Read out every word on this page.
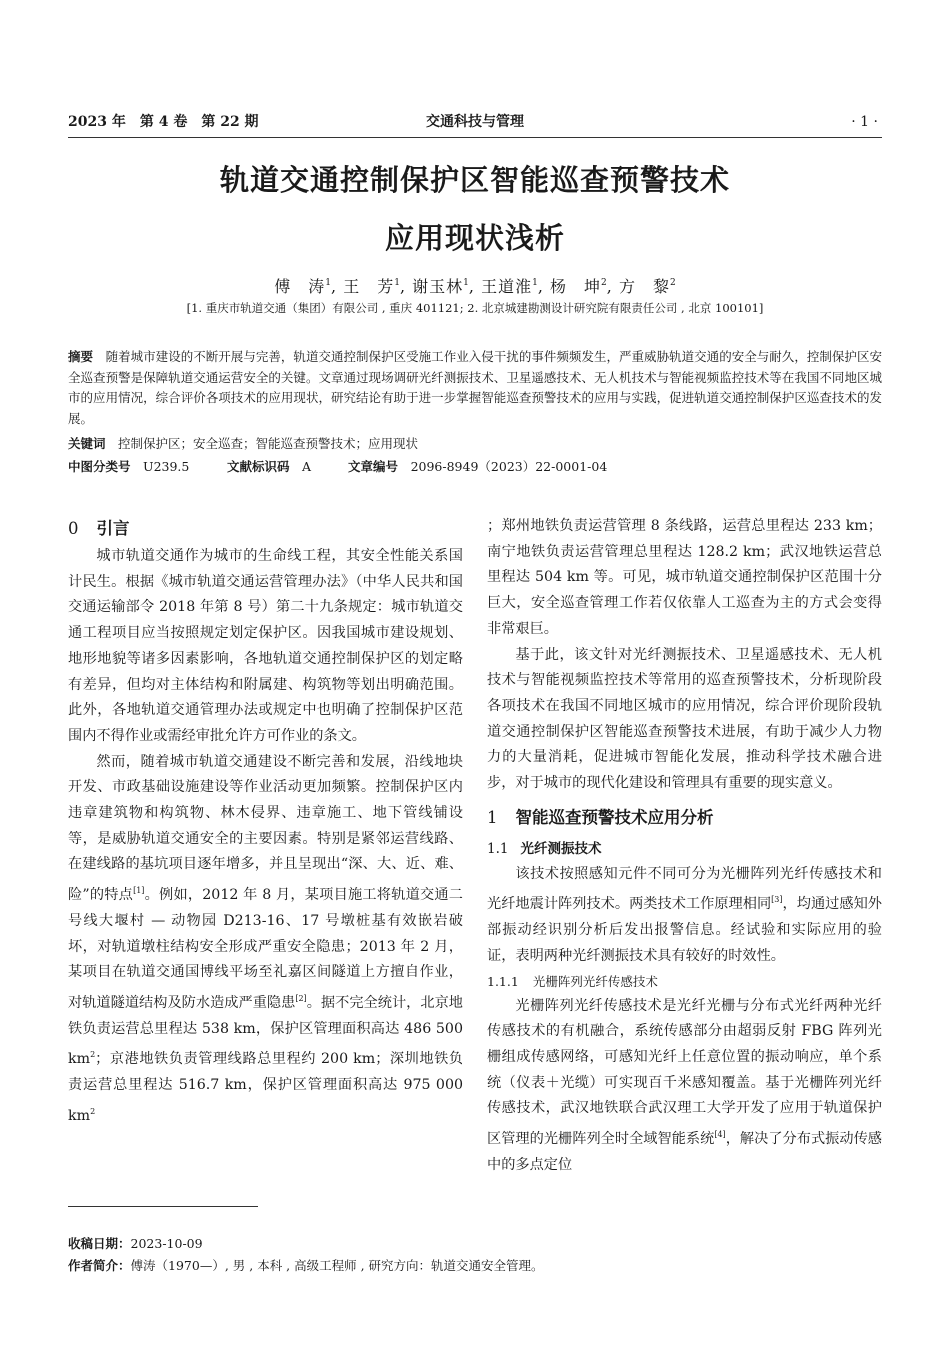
2023 年　第 4 卷　第 22 期	交通科技与管理	· 1 ·
轨道交通控制保护区智能巡查预警技术
应用现状浅析
傅　涛$^1$, 王　芳$^1$, 谢玉林$^1$, 王道淮$^1$, 杨　坤$^2$, 方　黎$^2$
[1. 重庆市轨道交通（集团）有限公司 , 重庆 401121; 2. 北京城建勘测设计研究院有限责任公司 , 北京 100101]
摘要　 随着城市建设的不断开展与完善，轨道交通控制保护区受施工作业入侵干扰的事件频频发生，严重威胁轨道交通的安全与耐久，控制保护区安全巡查预警是保障轨道交通运营安全的关键。文章通过现场调研光纤测振技术、卫星遥感技术、无人机技术与智能视频监控技术等在我国不同地区城市的应用情况，综合评价各项技术的应用现状，研究结论有助于进一步掌握智能巡查预警技术的应用与实践，促进轨道交通控制保护区巡查技术的发展。
关键词　 控制保护区；安全巡查；智能巡查预警技术；应用现状
中图分类号　 U239.5	文献标识码　 A	文章编号　 2096-8949（2023）22-0001-04

0 引言

城市轨道交通作为城市的生命线工程，其安全性能关系国计民生。根据《城市轨道交通运营管理办法》（中华人民共和国交通运输部令 2018 年第 8 号）第二十九条规定：城市轨道交通工程项目应当按照规定划定保护区。因我国城市建设规划、地形地貌等诸多因素影响，各地轨道交通控制保护区的划定略有差异，但均对主体结构和附属建、构筑物等划出明确范围。此外，各地轨道交通管理办法或规定中也明确了控制保护区范围内不得作业或需经审批允许方可作业的条文。

然而，随着城市轨道交通建设不断完善和发展，沿线地块开发、市政基础设施建设等作业活动更加频繁。控制保护区内违章建筑物和构筑物、林木侵界、违章施工、地下管线铺设等，是威胁轨道交通安全的主要因素。特别是紧邻运营线路、在建线路的基坑项目逐年增多，并且呈现出“深、大、近、难、险”的特点[1]。例如，2012 年 8 月，某项目施工将轨道交通二号线大堰村 — 动物园 D213-16、17 号墩桩基有效嵌岩破坏，对轨道墩柱结构安全形成严重安全隐患；2013 年 2 月，某项目在轨道交通国博线平场至礼嘉区间隧道上方擅自作业，对轨道隧道结构及防水造成严重隐患[2]。据不完全统计，北京地铁负责运营总里程达 538 km，保护区管理面积高达 486 500 $km^2$；京港地铁负责管理线路总里程约 200 km；深圳地铁负责运营总里程达 516.7 km，保护区管理面积高达 975 000 $km^2$

；郑州地铁负责运营管理 8 条线路，运营总里程达 233 km；南宁地铁负责运营管理总里程达 128.2 km；武汉地铁运营总里程达 504 km 等。可见，城市轨道交通控制保护区范围十分巨大，安全巡查管理工作若仅依靠人工巡查为主的方式会变得非常艰巨。

基于此，该文针对光纤测振技术、卫星遥感技术、无人机技术与智能视频监控技术等常用的巡查预警技术，分析现阶段各项技术在我国不同地区城市的应用情况，综合评价现阶段轨道交通控制保护区智能巡查预警技术进展，有助于减少人力物力的大量消耗，促进城市智能化发展，推动科学技术融合进步，对于城市的现代化建设和管理具有重要的现实意义。

1 智能巡查预警技术应用分析

1.1 光纤测振技术

该技术按照感知元件不同可分为光栅阵列光纤传感技术和光纤地震计阵列技术。两类技术工作原理相同[3]，均通过感知外部振动经识别分析后发出报警信息。经试验和实际应用的验证，表明两种光纤测振技术具有较好的时效性。

1.1.1 光栅阵列光纤传感技术

光栅阵列光纤传感技术是光纤光栅与分布式光纤两种光纤传感技术的有机融合，系统传感部分由超弱反射 FBG 阵列光栅组成传感网络，可感知光纤上任意位置的振动响应，单个系统（仪表＋光缆）可实现百千米感知覆盖。基于光栅阵列光纤传感技术，武汉地铁联合武汉理工大学开发了应用于轨道保护区管理的光栅阵列全时全域智能系统[4]，解决了分布式振动传感中的多点定位

收稿日期：2023-10-09
作者简介：傅涛（1970—）, 男 , 本科 , 高级工程师 , 研究方向：轨道交通安全管理。
